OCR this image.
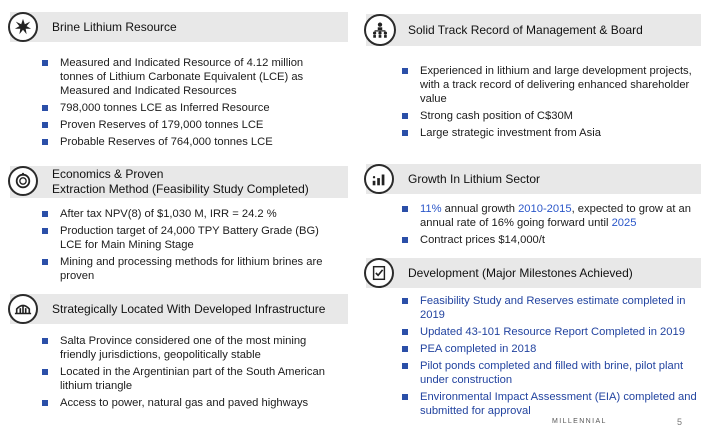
Brine Lithium Resource
Measured and Indicated Resource of 4.12 million tonnes of Lithium Carbonate Equivalent (LCE) as Measured and Indicated Resources
798,000 tonnes LCE as Inferred Resource
Proven Reserves of 179,000 tonnes LCE
Probable Reserves of 764,000 tonnes LCE
Economics & Proven
Extraction Method (Feasibility Study Completed)
After tax NPV(8) of $1,030 M, IRR = 24.2 %
Production target of 24,000 TPY Battery Grade (BG) LCE for Main Mining Stage
Mining and processing methods for lithium brines are proven
Strategically Located With Developed Infrastructure
Salta Province considered one of the most mining friendly jurisdictions, geopolitically stable
Located in the Argentinian part of the South American lithium triangle
Access to power, natural gas and paved highways
Solid Track Record of Management & Board
Experienced in lithium and large development projects, with a track record of delivering enhanced shareholder value
Strong cash position of C$30M
Large strategic investment from Asia
Growth In Lithium Sector
11% annual growth 2010-2015, expected to grow at an annual rate of 16% going forward until 2025
Contract prices $14,000/t
Development (Major Milestones Achieved)
Feasibility Study and Reserves estimate completed in 2019
Updated 43-101 Resource Report Completed in 2019
PEA completed in 2018
Pilot ponds completed and filled with brine, pilot plant under construction
Environmental Impact Assessment (EIA) completed and submitted for approval
MILLENNIAL	5
